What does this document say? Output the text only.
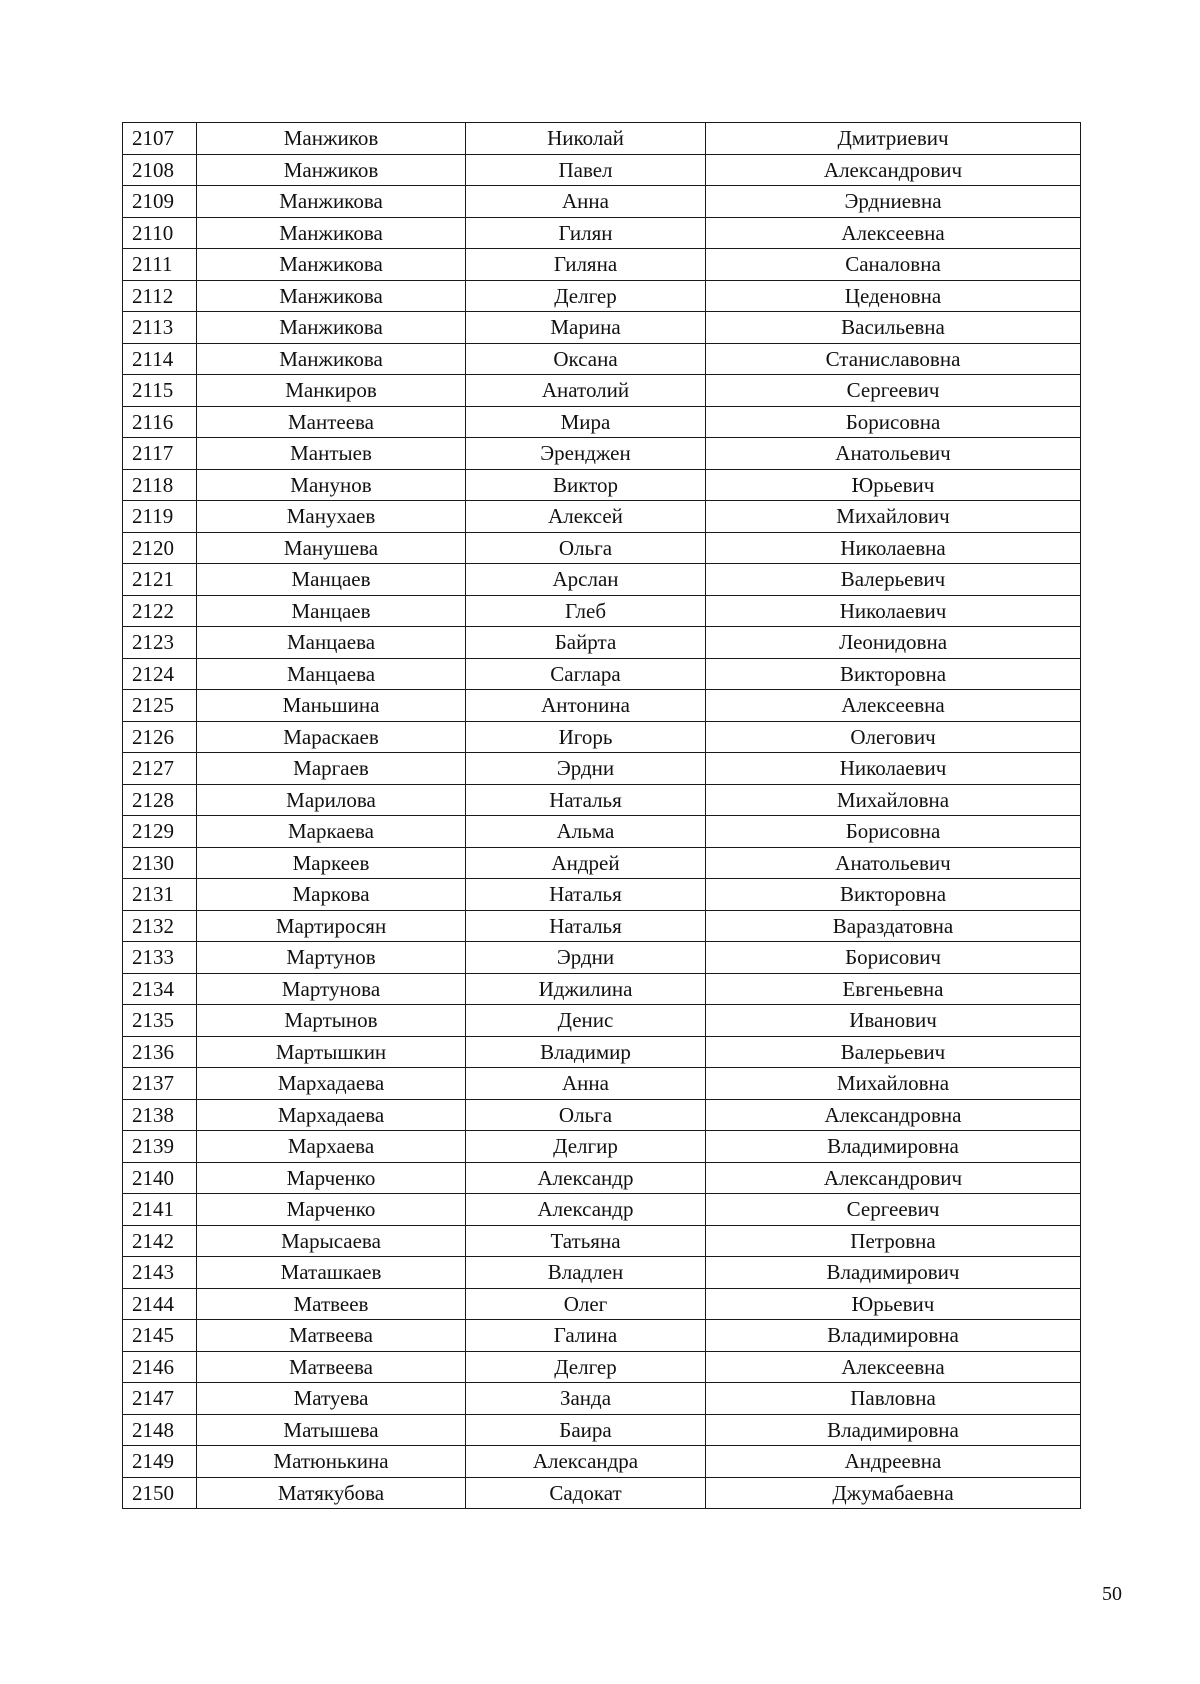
2107	Манжиков	Николай	Дмитриевич
2108	Манжиков	Павел	Александрович
2109	Манжикова	Анна	Эрдниевна
2110	Манжикова	Гилян	Алексеевна
2111	Манжикова	Гиляна	Саналовна
2112	Манжикова	Делгер	Цеденовна
2113	Манжикова	Марина	Васильевна
2114	Манжикова	Оксана	Станиславовна
2115	Манкиров	Анатолий	Сергеевич
2116	Мантеева	Мира	Борисовна
2117	Мантыев	Эренджен	Анатольевич
2118	Манунов	Виктор	Юрьевич
2119	Манухаев	Алексей	Михайлович
2120	Манушева	Ольга	Николаевна
2121	Манцаев	Арслан	Валерьевич
2122	Манцаев	Глеб	Николаевич
2123	Манцаева	Байрта	Леонидовна
2124	Манцаева	Саглара	Викторовна
2125	Маньшина	Антонина	Алексеевна
2126	Мараскаев	Игорь	Олегович
2127	Маргаев	Эрдни	Николаевич
2128	Марилова	Наталья	Михайловна
2129	Маркаева	Альма	Борисовна
2130	Маркеев	Андрей	Анатольевич
2131	Маркова	Наталья	Викторовна
2132	Мартиросян	Наталья	Вараздатовна
2133	Мартунов	Эрдни	Борисович
2134	Мартунова	Иджилина	Евгеньевна
2135	Мартынов	Денис	Иванович
2136	Мартышкин	Владимир	Валерьевич
2137	Мархадаева	Анна	Михайловна
2138	Мархадаева	Ольга	Александровна
2139	Мархаева	Делгир	Владимировна
2140	Марченко	Александр	Александрович
2141	Марченко	Александр	Сергеевич
2142	Марысаева	Татьяна	Петровна
2143	Маташкаев	Владлен	Владимирович
2144	Матвеев	Олег	Юрьевич
2145	Матвеева	Галина	Владимировна
2146	Матвеева	Делгер	Алексеевна
2147	Матуева	Занда	Павловна
2148	Матышева	Баира	Владимировна
2149	Матюнькина	Александра	Андреевна
2150	Матякубова	Садокат	Джумабаевна
50
